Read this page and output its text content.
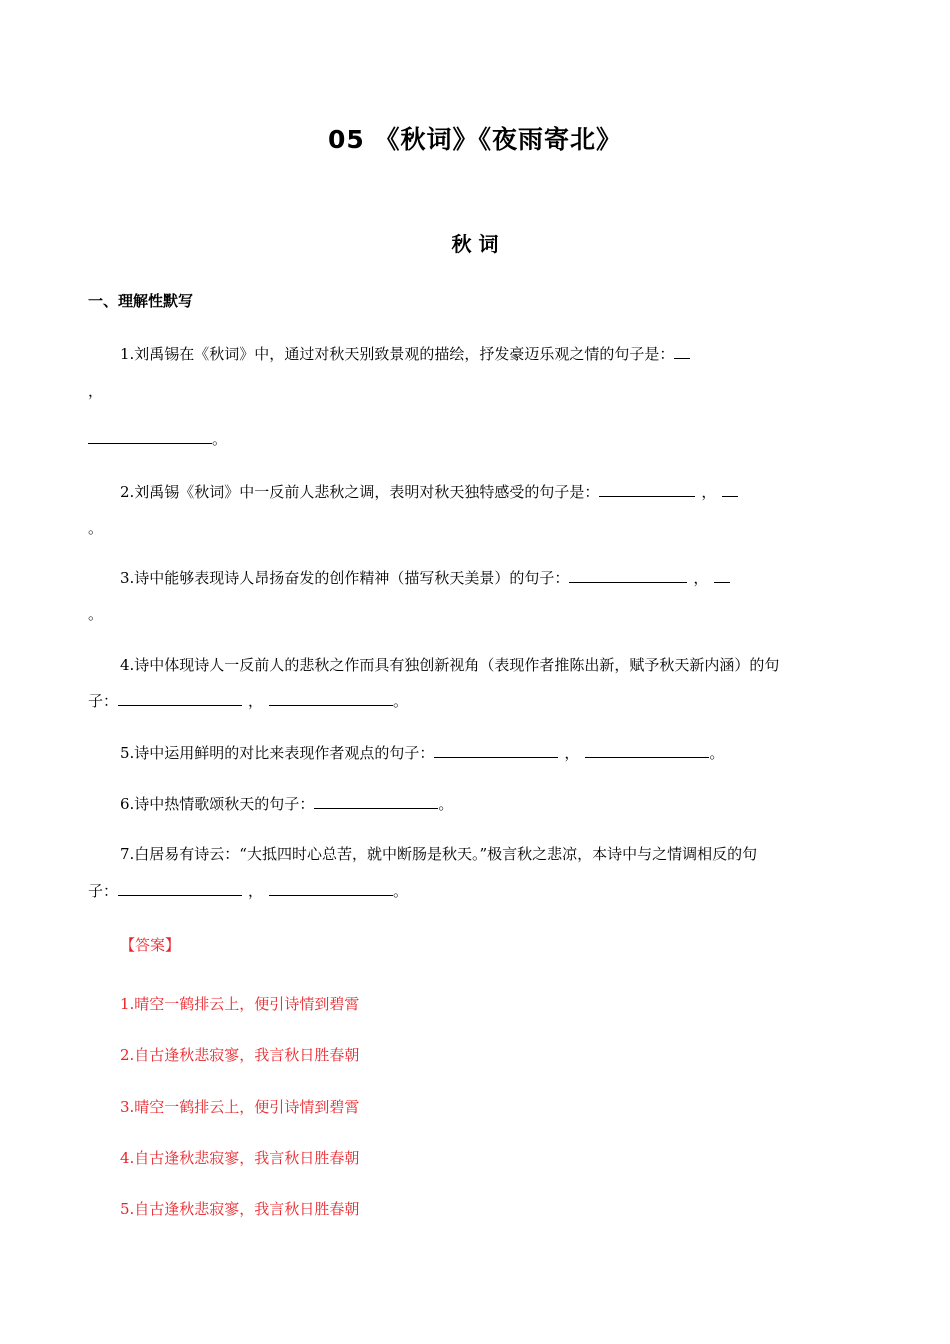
05 《秋词》《夜雨寄北》
秋 词
一、理解性默写
1.刘禹锡在《秋词》中，通过对秋天别致景观的描绘，抒发豪迈乐观之情的句子是：
，
。
2.刘禹锡《秋词》中一反前人悲秋之调，表明对秋天独特感受的句子是：	，
。
3.诗中能够表现诗人昂扬奋发的创作精神（描写秋天美景）的句子：	，
。
4.诗中体现诗人一反前人的悲秋之作而具有独创新视角（表现作者推陈出新，赋予秋天新内涵）的句
子：	，	。
5.诗中运用鲜明的对比来表现作者观点的句子：	，	。
6.诗中热情歌颂秋天的句子：	。
7.白居易有诗云：“大抵四时心总苦，就中断肠是秋天。”极言秋之悲凉，本诗中与之情调相反的句
子：	，	。
【答案】
1.晴空一鹤排云上，便引诗情到碧霄
2.自古逢秋悲寂寥，我言秋日胜春朝
3.晴空一鹤排云上，便引诗情到碧霄
4.自古逢秋悲寂寥，我言秋日胜春朝
5.自古逢秋悲寂寥，我言秋日胜春朝
